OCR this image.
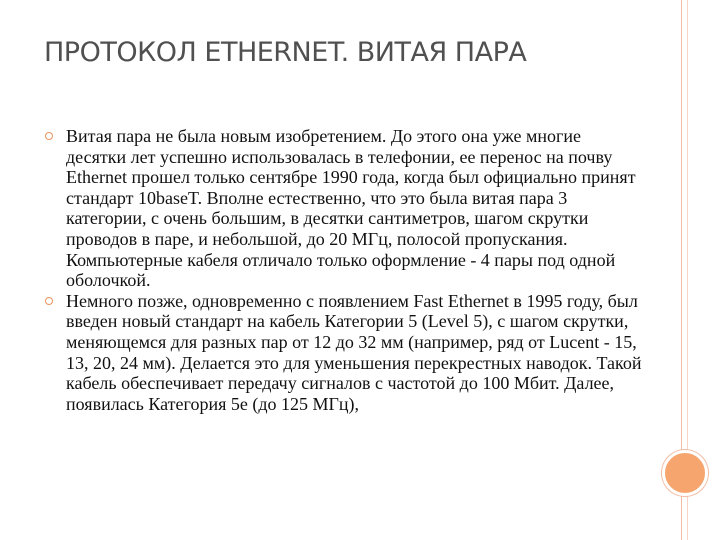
ПРОТОКОЛ ETHERNET. ВИТАЯ ПАРА
Витая пара не была новым изобретением. До этого она уже многие десятки лет успешно использовалась в телефонии, ее перенос на почву Ethernet прошел только сентябре 1990 года, когда был официально принят стандарт 10baseT. Вполне естественно, что это была витая пара 3 категории, с очень большим, в десятки сантиметров, шагом скрутки проводов в паре, и небольшой, до 20 МГц, полосой пропускания. Компьютерные кабеля отличало только оформление - 4 пары под одной оболочкой.
Немного позже, одновременно с появлением Fast Ethernet в 1995 году, был введен новый стандарт на кабель Категории 5 (Level 5), с шагом скрутки, меняющемся для разных пар от 12 до 32 мм (например, ряд от Lucent - 15, 13, 20, 24 мм). Делается это для уменьшения перекрестных наводок. Такой кабель обеспечивает передачу сигналов с частотой до 100 Мбит. Далее, появилась Категория 5e (до 125 МГц),
